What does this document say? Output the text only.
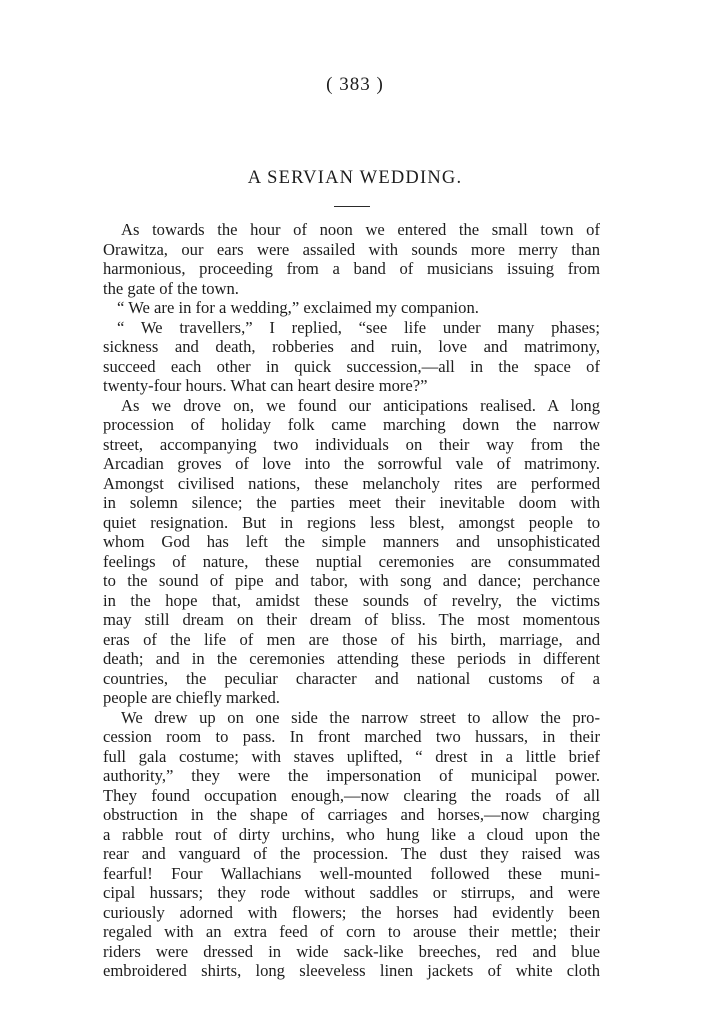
( 383 )
A SERVIAN WEDDING.
As towards the hour of noon we entered the small town of
Orawitza, our ears were assailed with sounds more merry than
harmonious, proceeding from a band of musicians issuing from
the gate of the town.
“ We are in for a wedding,” exclaimed my companion.
“ We travellers,” I replied, “see life under many phases;
sickness and death, robberies and ruin, love and matrimony,
succeed each other in quick succession,—all in the space of
twenty-four hours. What can heart desire more?”
As we drove on, we found our anticipations realised. A long
procession of holiday folk came marching down the narrow
street, accompanying two individuals on their way from the
Arcadian groves of love into the sorrowful vale of matrimony.
Amongst civilised nations, these melancholy rites are performed
in solemn silence; the parties meet their inevitable doom with
quiet resignation. But in regions less blest, amongst people to
whom God has left the simple manners and unsophisticated
feelings of nature, these nuptial ceremonies are consummated
to the sound of pipe and tabor, with song and dance; perchance
in the hope that, amidst these sounds of revelry, the victims
may still dream on their dream of bliss. The most momentous
eras of the life of men are those of his birth, marriage, and
death; and in the ceremonies attending these periods in different
countries, the peculiar character and national customs of a
people are chiefly marked.
We drew up on one side the narrow street to allow the pro-
cession room to pass. In front marched two hussars, in their
full gala costume; with staves uplifted, “ drest in a little brief
authority,” they were the impersonation of municipal power.
They found occupation enough,—now clearing the roads of all
obstruction in the shape of carriages and horses,—now charging
a rabble rout of dirty urchins, who hung like a cloud upon the
rear and vanguard of the procession. The dust they raised was
fearful! Four Wallachians well-mounted followed these muni-
cipal hussars; they rode without saddles or stirrups, and were
curiously adorned with flowers; the horses had evidently been
regaled with an extra feed of corn to arouse their mettle; their
riders were dressed in wide sack-like breeches, red and blue
embroidered shirts, long sleeveless linen jackets of white cloth
